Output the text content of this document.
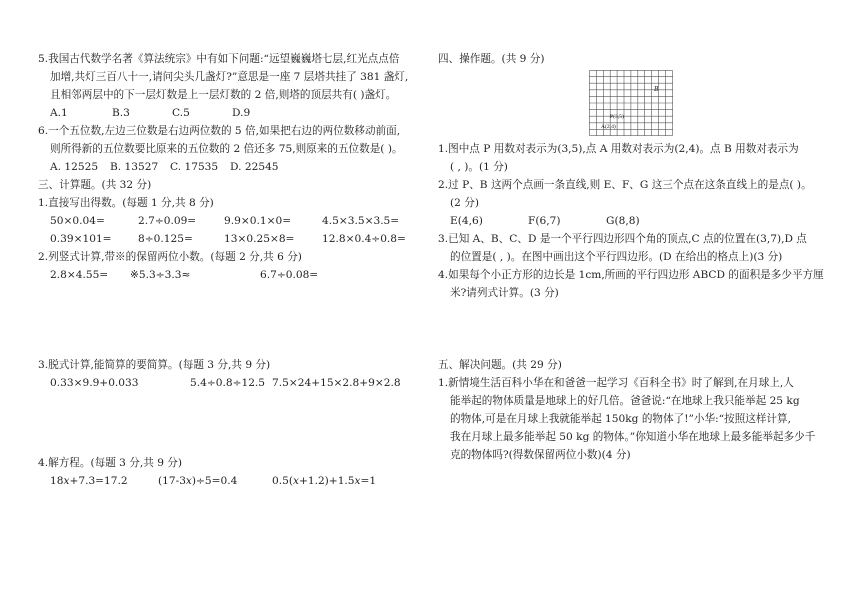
5.我国古代数学名著《算法统宗》中有如下问题:“远望巍巍塔七层,红光点点倍
加增,共灯三百八十一,请问尖头几盏灯?”意思是一座 7 层塔共挂了 381 盏灯,
且相邻两层中的下一层灯数是上一层灯数的 2 倍,则塔的顶层共有( )盏灯。
A.1	B.3	C.5	D.9
6.一个五位数,左边三位数是右边两位数的 5 倍,如果把右边的两位数移动前面,
则所得新的五位数要比原来的五位数的 2 倍还多 75,则原来的五位数是( )。
A. 12525 B. 13527 C. 17535 D. 22545
三、计算题。(共 32 分)
1.直接写出得数。(每题 1 分,共 8 分)
50×0.04=	2.7÷0.09=	9.9×0.1×0=	4.5×3.5×3.5=
0.39×101= 8÷0.125=	13×0.25×8=	12.8×0.4÷0.8=
2.列竖式计算,带※的保留两位小数。(每题 2 分,共 6 分)
2.8×4.55= ※5.3÷3.3≈	6.7÷0.08=
3.脱式计算,能简算的要简算。(每题 3 分,共 9 分)
0.33×9.9+0.033	5.4÷0.8÷12.5 7.5×24+15×2.8+9×2.8
4.解方程。(每题 3 分,共 9 分)
18𝑥+7.3=17.2	(17-3𝑥)÷5=0.4	0.5(𝑥+1.2)+1.5𝑥=1
四、操作题。(共 9 分)
B
P(3,5)
A(2,4)
1.图中点 P 用数对表示为(3,5),点 A 用数对表示为(2,4)。点 B 用数对表示为
( , )。(1 分)
2.过 P、B 这两个点画一条直线,则 E、F、G 这三个点在这条直线上的是点( )。
(2 分)
E(4,6)	F(6,7)	G(8,8)
3.已知 A、B、C、D 是一个平行四边形四个角的顶点,C 点的位置在(3,7),D 点
的位置是( , )。在图中画出这个平行四边形。(D 在给出的格点上)(3 分)
4.如果每个小正方形的边长是 1cm,所画的平行四边形 ABCD 的面积是多少平方厘
米?请列式计算。(3 分)
五、解决问题。(共 29 分)
1.新情境生活百科小华在和爸爸一起学习《百科全书》时了解到,在月球上,人
能举起的物体质量是地球上的好几倍。爸爸说:“在地球上我只能举起 25 kg
的物体,可是在月球上我就能举起 150kg 的物体了!”小华:“按照这样计算,
我在月球上最多能举起 50 kg 的物体。”你知道小华在地球上最多能举起多少千
克的物体吗?(得数保留两位小数)(4 分)
